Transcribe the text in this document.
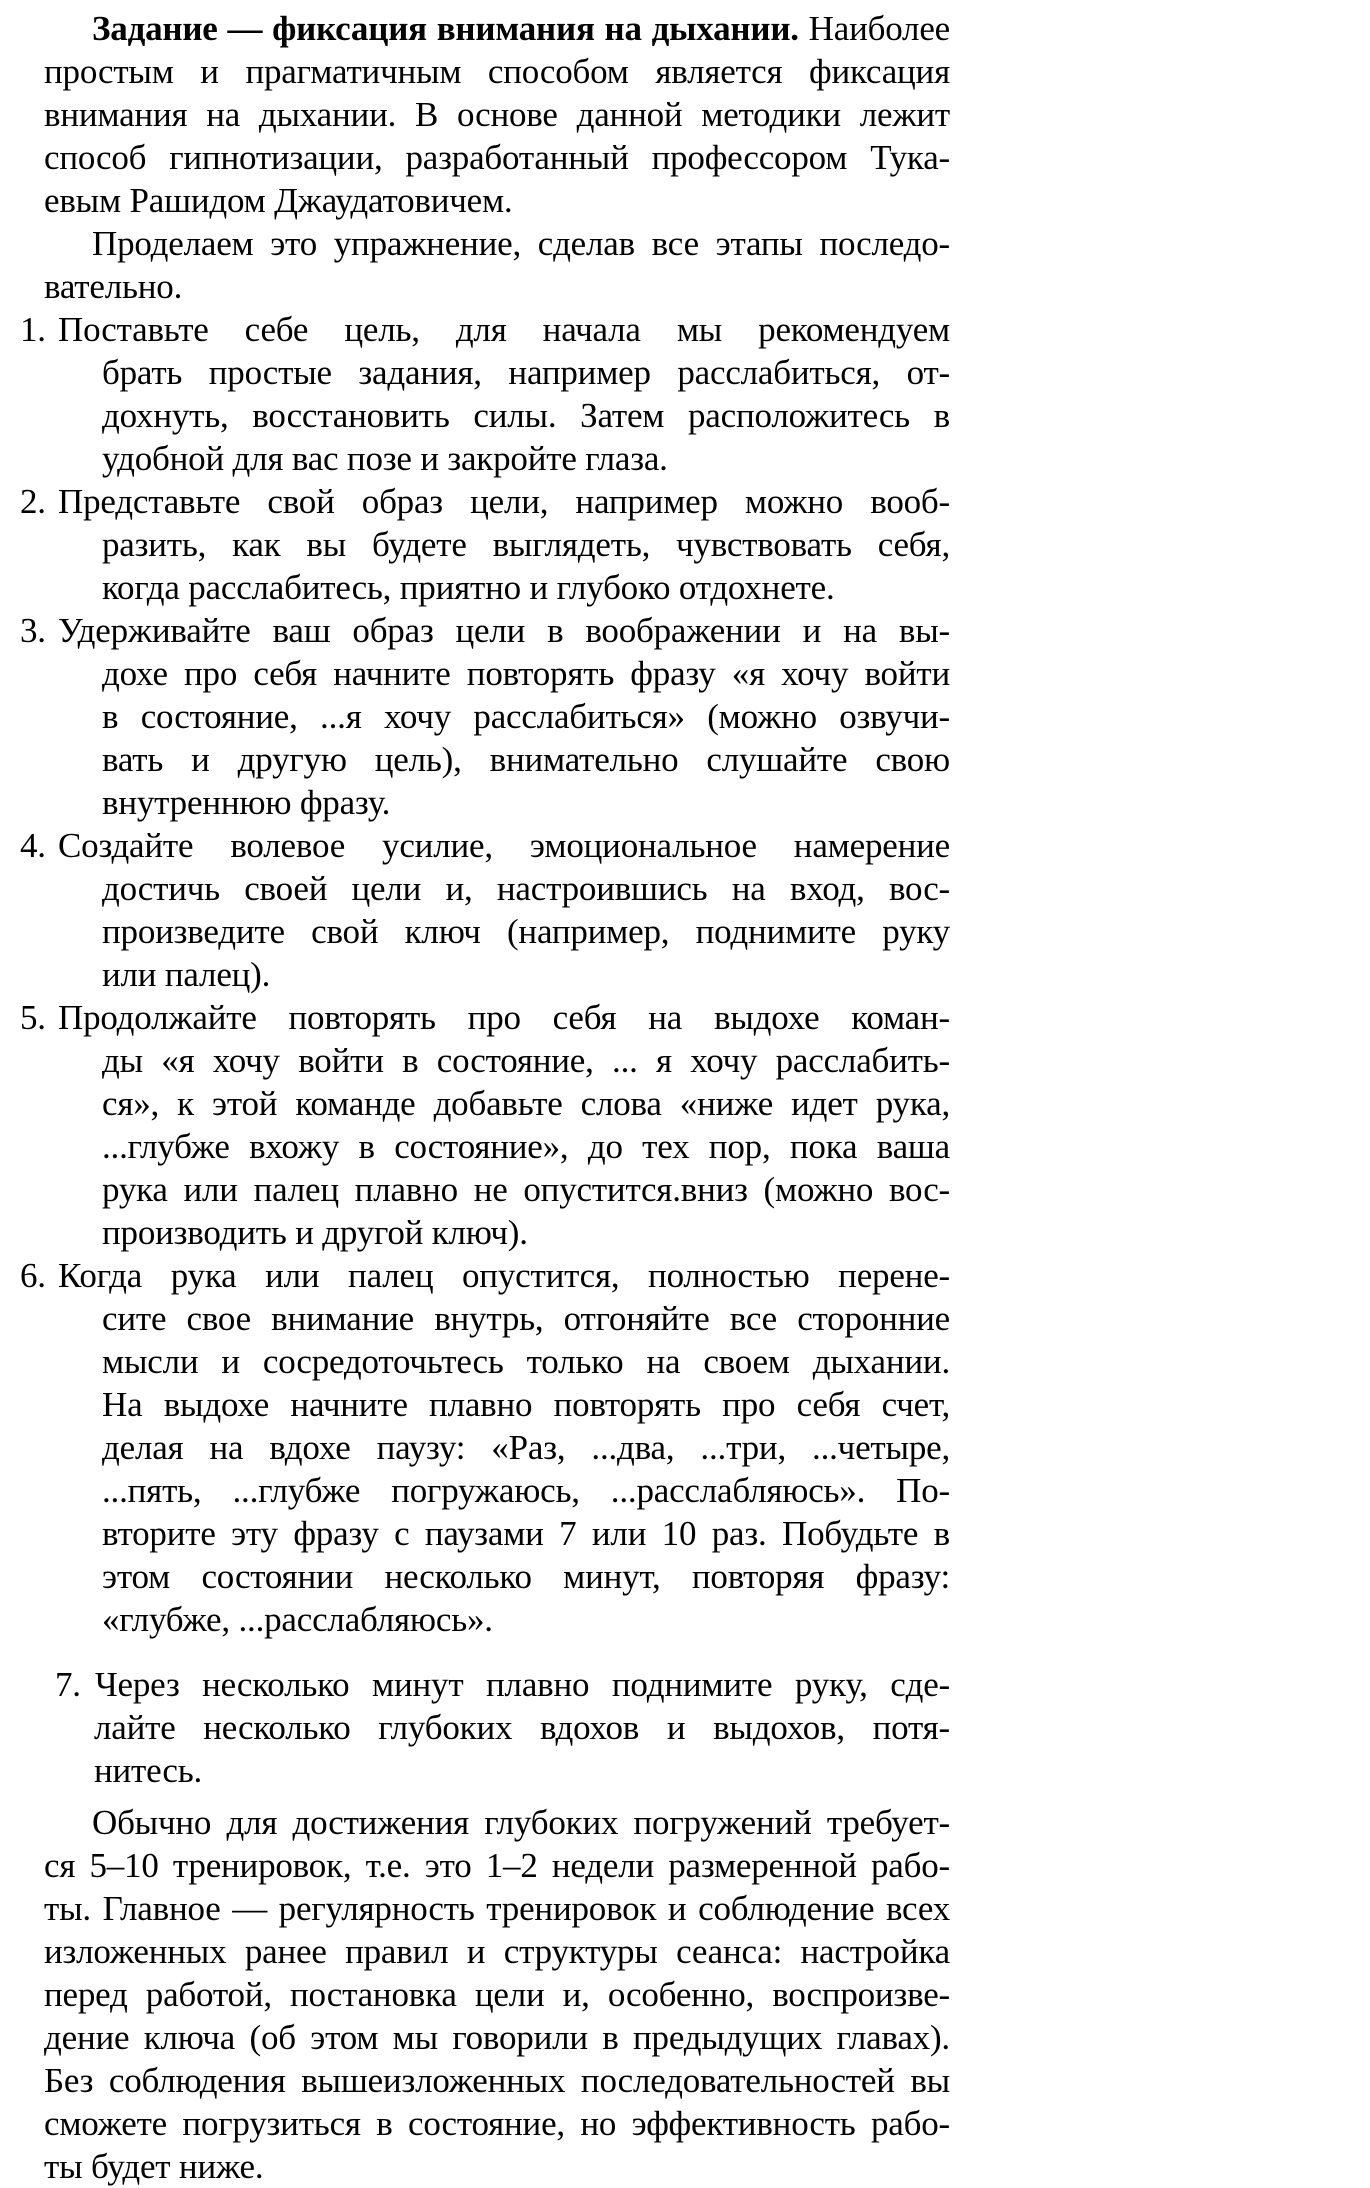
Задание — фиксация внимания на дыхании. Наиболее
простым и прагматичным способом является фиксация
внимания на дыхании. В основе данной методики лежит
способ гипнотизации, разработанный профессором Тука-
евым Рашидом Джаудатовичем.
Проделаем это упражнение, сделав все этапы последо-
вательно.
1. Поставьте себе цель, для начала мы рекомендуем
брать простые задания, например расслабиться, от-
дохнуть, восстановить силы. Затем расположитесь в
удобной для вас позе и закройте глаза.
2. Представьте свой образ цели, например можно вооб-
разить, как вы будете выглядеть, чувствовать себя,
когда расслабитесь, приятно и глубоко отдохнете.
3. Удерживайте ваш образ цели в воображении и на вы-
дохе про себя начните повторять фразу «я хочу войти
в состояние, ...я хочу расслабиться» (можно озвучи-
вать и другую цель), внимательно слушайте свою
внутреннюю фразу.
4. Создайте волевое усилие, эмоциональное намерение
достичь своей цели и, настроившись на вход, вос-
произведите свой ключ (например, поднимите руку
или палец).
5. Продолжайте повторять про себя на выдохе коман-
ды «я хочу войти в состояние, ... я хочу расслабить-
ся», к этой команде добавьте слова «ниже идет рука,
...глубже вхожу в состояние», до тех пор, пока ваша
рука или палец плавно не опустится.вниз (можно вос-
производить и другой ключ).
6. Когда рука или палец опустится, полностью перене-
сите свое внимание внутрь, отгоняйте все сторонние
мысли и сосредоточьтесь только на своем дыхании.
На выдохе начните плавно повторять про себя счет,
делая на вдохе паузу: «Раз, ...два, ...три, ...четыре,
...пять, ...глубже погружаюсь, ...расслабляюсь». По-
вторите эту фразу с паузами 7 или 10 раз. Побудьте в
этом состоянии несколько минут, повторяя фразу:
«глубже, ...расслабляюсь».
7. Через несколько минут плавно поднимите руку, сде-
лайте несколько глубоких вдохов и выдохов, потя-
нитесь.
Обычно для достижения глубоких погружений требует-
ся 5–10 тренировок, т.е. это 1–2 недели размеренной рабо-
ты. Главное — регулярность тренировок и соблюдение всех
изложенных ранее правил и структуры сеанса: настройка
перед работой, постановка цели и, особенно, воспроизве-
дение ключа (об этом мы говорили в предыдущих главах).
Без соблюдения вышеизложенных последовательностей вы
сможете погрузиться в состояние, но эффективность рабо-
ты будет ниже.
